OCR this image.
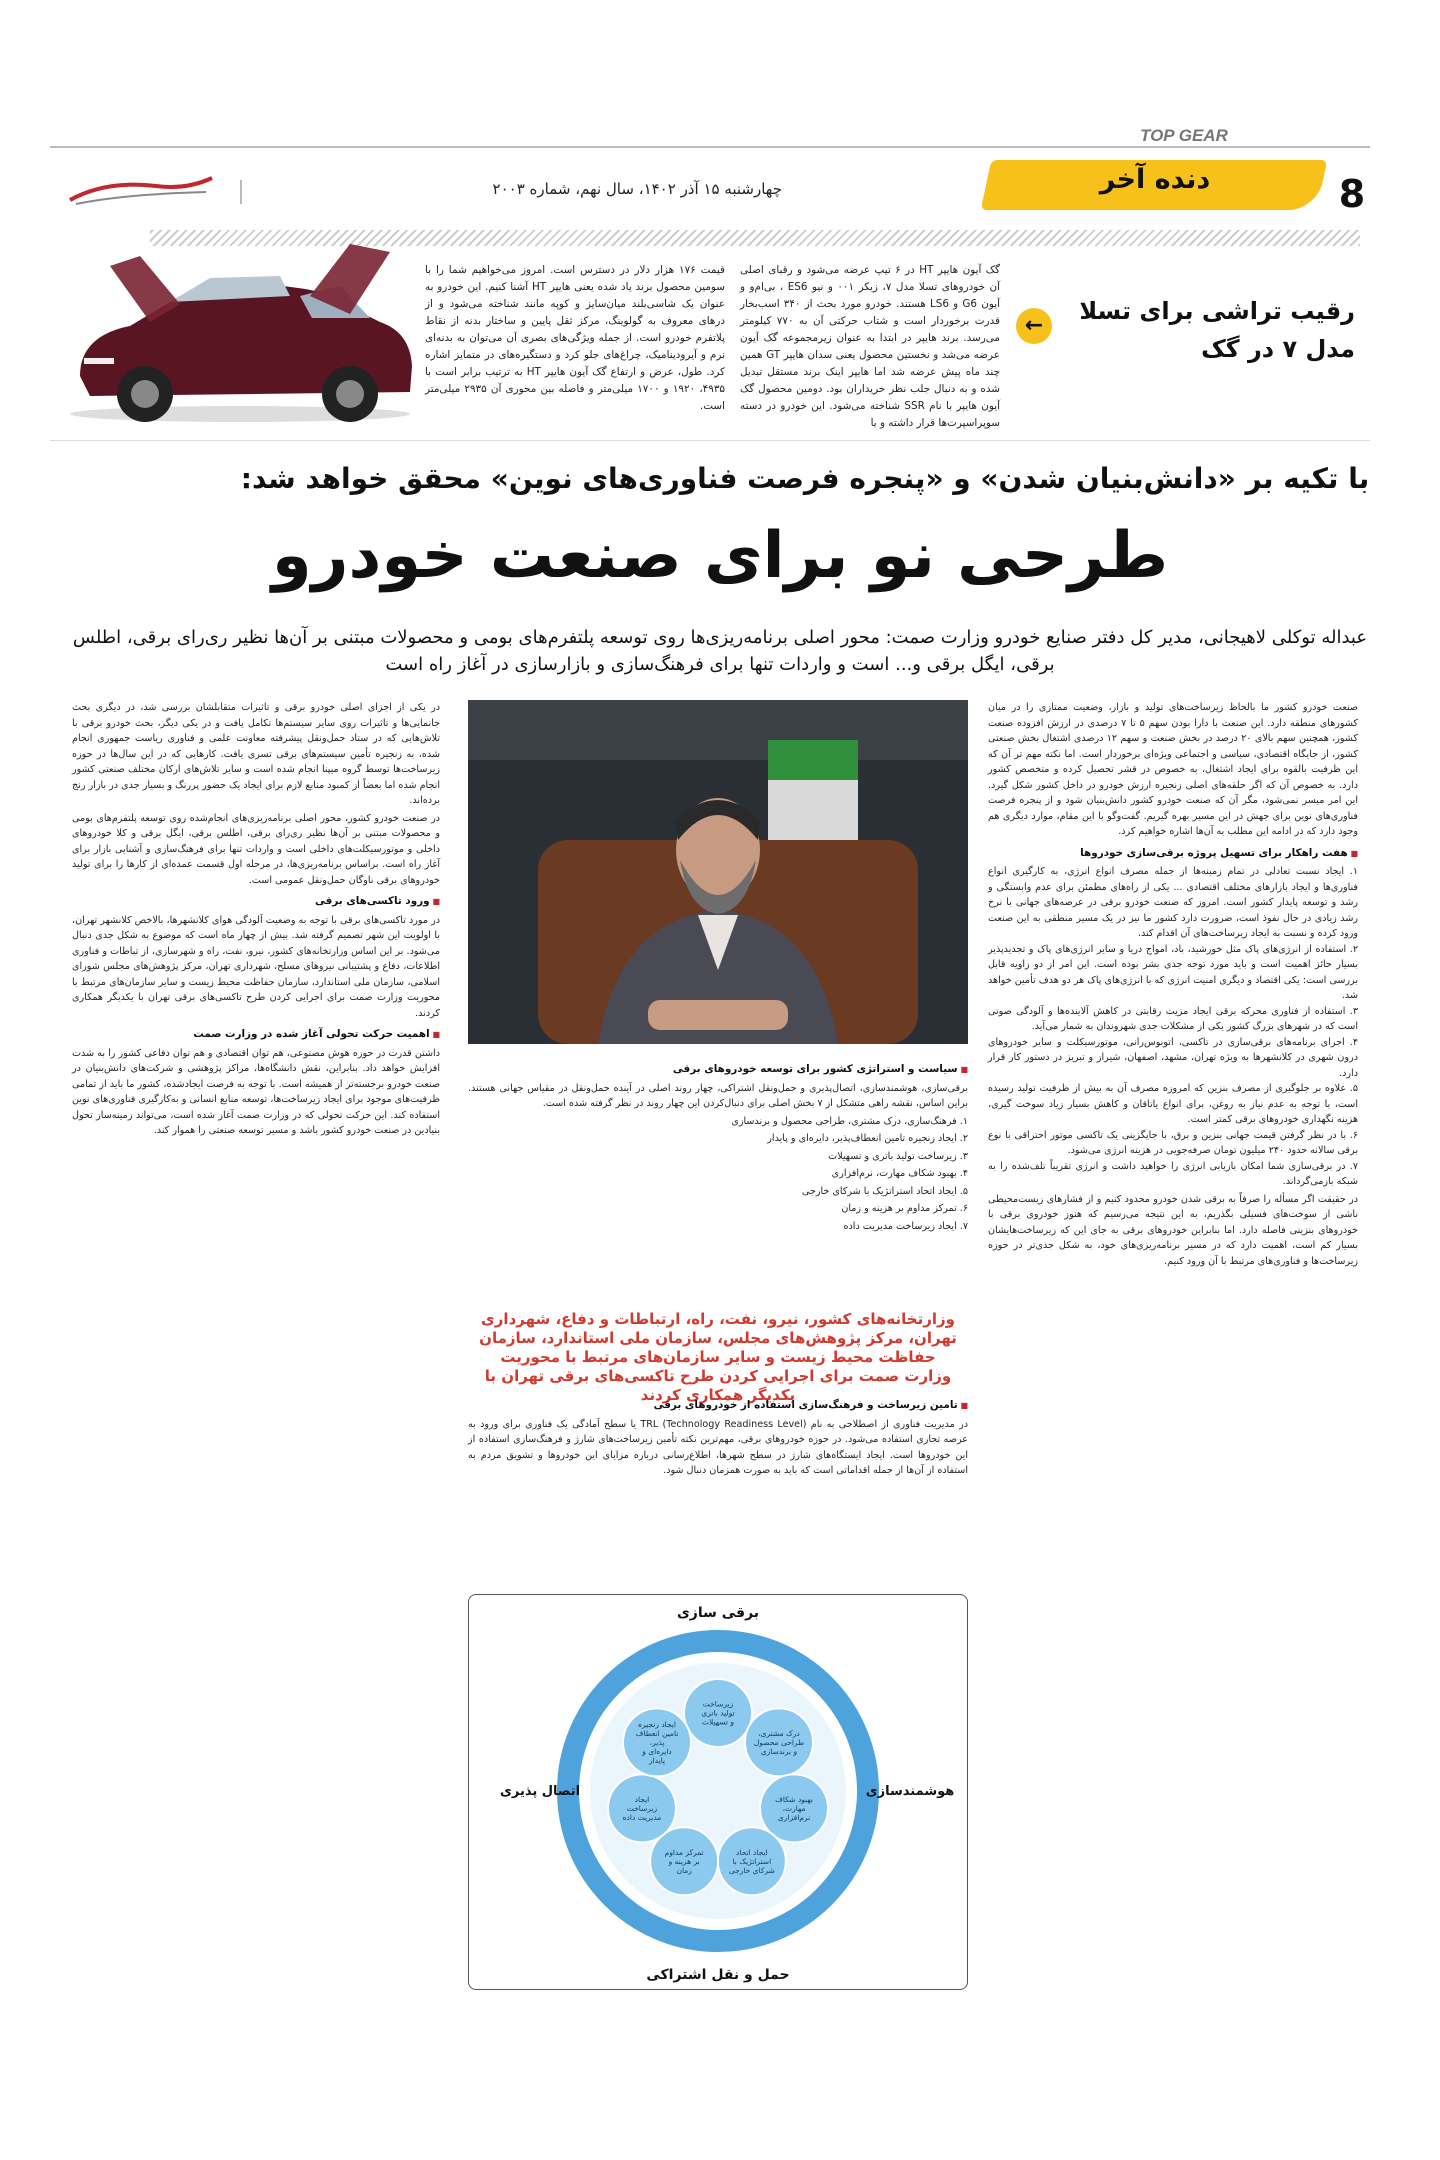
TOP GEAR
دنده آخر	8
چهارشنبه ۱۵ آذر ۱۴۰۲، سال نهم، شماره ۲۰۰۳
رقیب تراشی برای تسلا
مدل ۷ در گک
←
گک آیون هایپر HT در ۶ تیپ عرضه می‌شود و رقبای اصلی آن خودروهای تسلا مدل ۷، زیکر ۰۰۱ و نیو ES6 ، بی‌ام‌و و آیون G6 و LS6 هستند. خودرو مورد بحث از ۳۴۰ اسب‌بخار قدرت برخوردار است و شتاب حرکتی آن به ۷۷۰ کیلومتر می‌رسد. برند هایپر در ابتدا به عنوان زیرمجموعه گک آیون عرضه می‌شد و نخستین محصول یعنی سدان هایپر GT همین چند ماه پیش عرضه شد اما هایپر اینک برند مستقل تبدیل شده و به دنبال جلب نظر خریداران بود. دومین محصول گک آیون هایپر با نام SSR شناخته می‌شود. این خودرو در دسته سوپراسپرت‌ها قرار داشته و با
قیمت ۱۷۶ هزار دلار در دسترس است. امروز می‌خواهیم شما را با سومین محصول برند یاد شده یعنی هایپر HT آشنا کنیم. این خودرو به عنوان یک شاسی‌بلند میان‌سایز و کوپه مانند شناخته می‌شود و از درهای معروف به گولوینگ، مرکز ثقل پایین و ساختار بدنه از نقاط پلاتفرم خودرو است. از جمله ویژگی‌های بصری آن می‌توان به بدنه‌ای نرم و آیرودینامیک، چراغ‌های جلو کرد و دستگیره‌های در متمایز اشاره کرد. طول، عرض و ارتفاع گک آیون هایپر HT به ترتیب برابر است با ۴۹۳۵، ۱۹۲۰ و ۱۷۰۰ میلی‌متر و فاصله بین محوری آن ۲۹۳۵ میلی‌متر است.
با تکیه بر «دانش‌بنیان شدن» و «پنجره فرصت فناوری‌های نوین» محقق خواهد شد:
طرحی نو برای صنعت خودرو
عبداله توکلی لاهیجانی، مدیر کل دفتر صنایع خودرو وزارت صمت: محور اصلی برنامه‌ریزی‌ها روی توسعه پلتفرم‌های بومی و محصولات مبتنی بر آن‌ها نظیر ری‌رای برقی، اطلس برقی، ایگل برقی و... است و واردات تنها برای فرهنگ‌سازی و بازارسازی در آغاز راه است

صنعت خودرو کشور ما بالحاظ زیرساخت‌های تولید و بازار، وضعیت ممتازی را در میان کشورهای منطقه دارد. این صنعت با دارا بودن سهم ۵ تا ۷ درصدی در ارزش افزوده صنعت کشور، همچنین سهم بالای ۲۰ درصد در بخش صنعت و سهم ۱۲ درصدی اشتغال بخش صنعتی کشور، از جایگاه اقتصادی، سیاسی و اجتماعی ویژه‌ای برخوردار است. اما نکته مهم تر آن که این ظرفیت بالقوه برای ایجاد اشتغال، به خصوص در قشر تحصیل کرده و متخصص کشور دارد. به خصوص آن که اگر حلقه‌های اصلی زنجیره ارزش خودرو در داخل کشور شکل گیرد. این امر میسر نمی‌شود، مگر آن که صنعت خودرو کشور دانش‌بنیان شود و از پنجره فرصت فناوری‌های نوین برای جهش در این مسیر بهره گیریم. گفت‌وگو با این مقام، موارد دیگری هم وجود دارد که در ادامه این مطلب به آن‌ها اشاره خواهیم کرد.

■ هفت راهکار برای تسهیل پروژه برقی‌سازی خودروها

۱. ایجاد نسبت تعادلی در تمام زمینه‌ها از جمله مصرف انواع انرژی، به کارگیری انواع فناوری‌ها و ایجاد بازارهای مختلف اقتصادی ... یکی از راه‌های مطمئن برای عدم وابستگی و رشد و توسعه پایدار کشور است. امروز که صنعت خودرو برقی در عرصه‌های جهانی با نرخ رشد زیادی در حال نفوذ است، ضرورت دارد کشور ما نیز در یک مسیر منطقی به این صنعت ورود کرده و نسبت به ایجاد زیرساخت‌های آن اقدام کند.
۲. استفاده از انرژی‌های پاک مثل خورشید، باد، امواج دریا و سایر انرژی‌های پاک و تجدیدپذیر بسیار حائز اهمیت است و باید مورد توجه جدی بشر بوده است. این امر از دو زاویه قابل بررسی است: یکی اقتصاد و دیگری امنیت انرژی که با انرژی‌های پاک هر دو هدف تأمین خواهد شد.
۳. استفاده از فناوری محرکه برقی ایجاد مزیت رقابتی در کاهش آلاینده‌ها و آلودگی صوتی است که در شهرهای بزرگ کشور یکی از مشکلات جدی شهروندان به شمار می‌آید.
۴. اجرای برنامه‌های برقی‌سازی در تاکسی، اتوبوس‌رانی، موتورسیکلت و سایر خودروهای درون شهری در کلانشهرها به ویژه تهران، مشهد، اصفهان، شیراز و تبریز در دستور کار قرار دارد.
۵. علاوه بر جلوگیری از مصرف بنزین که امروزه مصرف آن به بیش از ظرفیت تولید رسیده است، با توجه به عدم نیاز به روغن، برای انواع یاتاقان و کاهش بسیار زیاد سوخت گیری، هزینه نگهداری خودروهای برقی کمتر است.
۶. با در نظر گرفتن قیمت جهانی بنزین و برق، با جایگزینی یک تاکسی موتور احتراقی با نوع برقی سالانه حدود ۲۴۰ میلیون تومان صرفه‌جویی در هزینه انرژی می‌شود.
۷. در برقی‌سازی شما امکان بازیابی انرژی را خواهید داشت و انرژی تقریباً تلف‌شده را به شبکه بازمی‌گرداند.

در حقیقت اگر مسأله را صرفاً به برقی شدن خودرو محدود کنیم و از فشارهای زیست‌محیطی ناشی از سوخت‌های فسیلی بگذریم، به این نتیجه می‌رسیم که هنوز خودروی برقی با خودروهای بنزینی فاصله دارد. اما بنابراین خودروهای برقی به جای این که زیرساخت‌هایشان بسیار کم است، اهمیت دارد که در مسیر برنامه‌ریزی‌های خود، به شکل جدی‌تر در حوزه زیرساخت‌ها و فناوری‌های مرتبط با آن ورود کنیم.

■ سیاست و استراتژی کشور برای توسعه خودروهای برقی

برقی‌سازی، هوشمندسازی، اتصال‌پذیری و حمل‌ونقل اشتراکی، چهار روند اصلی در آینده حمل‌ونقل در مقیاس جهانی هستند. براین اساس، نقشه راهی متشکل از ۷ بخش اصلی برای دنبال‌کردن این چهار روند در نظر گرفته شده است.

۱. فرهنگ‌سازی، درک مشتری، طراحی محصول و برندسازی

۲. ایجاد زنجیره تامین انعطاف‌پذیر، دایره‌ای و پایدار

۳. زیرساخت تولید باتری و تسهیلات

۴. بهبود شکاف مهارت، نرم‌افزاری

۵. ایجاد اتحاد استراتژیک با شرکای خارجی

۶. تمرکز مداوم بر هزینه و زمان

۷. ایجاد زیرساخت مدیریت داده

وزارتخانه‌های کشور، نیرو، نفت، راه، ارتباطات و دفاع، شهرداری تهران، مرکز پژوهش‌های مجلس، سازمان ملی استاندارد، سازمان حفاظت محیط زیست و سایر سازمان‌های مرتبط با محوریت وزارت صمت برای اجرایی کردن طرح تاکسی‌های برقی تهران با یکدیگر همکاری کردند
■ تامین زیرساخت و فرهنگ‌سازی استفاده از خودروهای برقی

در مدیریت فناوری از اصطلاحی به نام TRL (Technology Readiness Level) یا سطح آمادگی یک فناوری برای ورود به عرصه تجاری استفاده می‌شود. در حوزه خودروهای برقی، مهم‌ترین نکته تأمین زیرساخت‌های شارژ و فرهنگ‌سازی استفاده از این خودروها است. ایجاد ایستگاه‌های شارژ در سطح شهرها، اطلاع‌رسانی درباره مزایای این خودروها و تشویق مردم به استفاده از آن‌ها از جمله اقداماتی است که باید به صورت همزمان دنبال شود.

زیرساخت تولید باتری و تسهیلات
درک مشتری، طراحی محصول و برندسازی
بهبود شکاف مهارت، نرم‌افزاری
ایجاد اتحاد استراتژیک با شرکای خارجی
تمرکز مداوم بر هزینه و زمان
ایجاد زیرساخت مدیریت داده
ایجاد زنجیره تامین انعطاف پذیر، دایره‌ای و پایدار
برقی سازی
حمل و نقل اشتراکی
اتصال پذیری	هوشمندسازی

در یکی از اجزای اصلی خودرو برقی و تاثیرات متقابلشان بررسی شد، در دیگری بحث جانمایی‌ها و تاثیرات روی سایر سیستم‌ها تکامل یافت و در یکی دیگر، بحث خودرو برقی با تلاش‌هایی که در ستاد حمل‌ونقل پیشرفته معاونت علمی و فناوری ریاست جمهوری انجام شده، به زنجیره تأمین سیستم‌های برقی تسری یافت. کارهایی که در این سال‌ها در حوزه زیرساخت‌ها توسط گروه میپنا انجام شده است و سایر تلاش‌های ارکان مختلف صنعتی کشور انجام شده اما بعضاً از کمبود منابع لازم برای ایجاد یک حضور پررنگ و بسیار جدی در بازار رنج برده‌اند.

در صنعت خودرو کشور، محور اصلی برنامه‌ریزی‌های انجام‌شده روی توسعه پلتفرم‌های بومی و محصولات مبتنی بر آن‌ها نظیر ری‌رای برقی، اطلس برقی، ایگل برقی و کلا خودروهای داخلی و موتورسیکلت‌های داخلی است و واردات تنها برای فرهنگ‌سازی و آشنایی بازار برای آغاز راه است. براساس برنامه‌ریزی‌ها، در مرحله اول قسمت عمده‌ای از کارها را برای تولید خودروهای برقی ناوگان حمل‌ونقل عمومی است.

■ ورود تاکسی‌های برقی

در مورد تاکسی‌های برقی با توجه به وضعیت آلودگی هوای کلانشهرها، بالاخص کلانشهر تهران، با اولویت این شهر تصمیم گرفته شد. بیش از چهار ماه است که موضوع به شکل جدی دنبال می‌شود. بر این اساس وزارتخانه‌های کشور، نیرو، نفت، راه و شهرسازی، از تباطات و فناوری اطلاعات، دفاع و پشتیبانی نیروهای مسلح، شهرداری تهران، مرکز پژوهش‌های مجلس شورای اسلامی، سازمان ملی استاندارد، سازمان حفاظت محیط زیست و سایر سازمان‌های مرتبط با محوریت وزارت صمت برای اجرایی کردن طرح تاکسی‌های برقی تهران با یکدیگر همکاری کردند.

■ اهمیت حرکت تحولی آغاز شده در وزارت صمت

داشتن قدرت در حوزه هوش مصنوعی، هم توان اقتصادی و هم توان دفاعی کشور را به شدت افزایش خواهد داد. بنابراین، نقش دانشگاه‌ها، مراکز پژوهشی و شرکت‌های دانش‌بنیان در صنعت خودرو برجسته‌تر از همیشه است. با توجه به فرصت ایجادشده، کشور ما باید از تمامی ظرفیت‌های موجود برای ایجاد زیرساخت‌ها، توسعه منابع انسانی و به‌کارگیری فناوری‌های نوین استفاده کند. این حرکت تحولی که در وزارت صمت آغاز شده است، می‌تواند زمینه‌ساز تحول بنیادین در صنعت خودرو کشور باشد و مسیر توسعه صنعتی را هموار کند.
